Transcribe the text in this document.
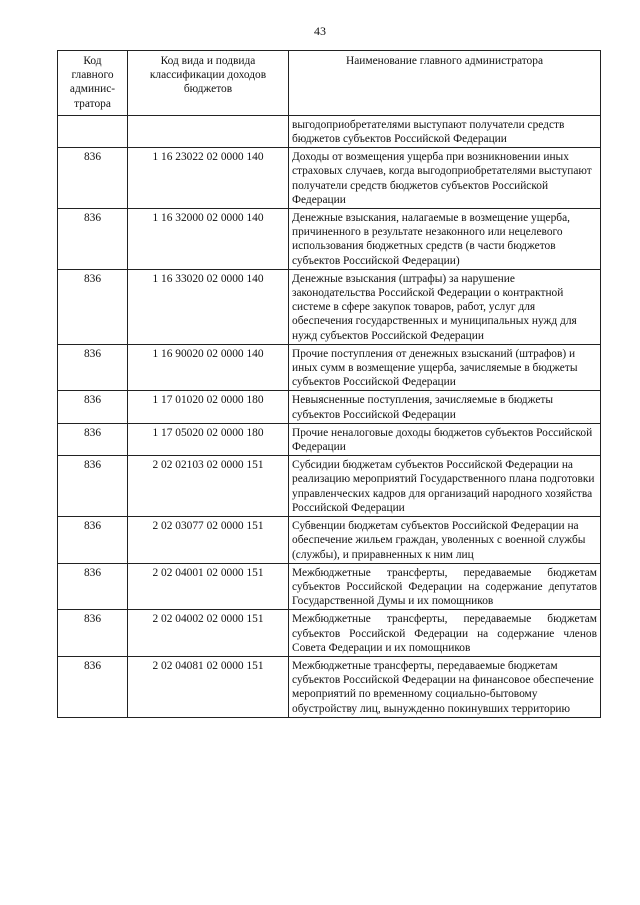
43
Код главного админис-тратора	Код вида и подвида классификации доходов бюджетов	Наименование главного администратора
		выгодоприобретателями выступают получатели средств бюджетов субъектов Российской Федерации
836	1 16 23022 02 0000 140	Доходы от возмещения ущерба при возникновении иных страховых случаев, когда выгодоприобретателями выступают получатели средств бюджетов субъектов Российской Федерации
836	1 16 32000 02 0000 140	Денежные взыскания, налагаемые в возмещение ущерба, причиненного в результате незаконного или нецелевого использования бюджетных средств (в части бюджетов субъектов Российской Федерации)
836	1 16 33020 02 0000 140	Денежные взыскания (штрафы) за нарушение законодательства Российской Федерации о контрактной системе в сфере закупок товаров, работ, услуг для обеспечения государственных и муниципальных нужд для нужд субъектов Российской Федерации
836	1 16 90020 02 0000 140	Прочие поступления от денежных взысканий (штрафов) и иных сумм в возмещение ущерба, зачисляемые в бюджеты субъектов Российской Федерации
836	1 17 01020 02 0000 180	Невыясненные поступления, зачисляемые в бюджеты субъектов Российской Федерации
836	1 17 05020 02 0000 180	Прочие неналоговые доходы бюджетов субъектов Российской Федерации
836	2 02 02103 02 0000 151	Субсидии бюджетам субъектов Российской Федерации на реализацию мероприятий Государственного плана подготовки управленческих кадров для организаций народного хозяйства Российской Федерации
836	2 02 03077 02 0000 151	Субвенции бюджетам субъектов Российской Федерации на обеспечение жильем граждан, уволенных с военной службы (службы), и приравненных к ним лиц
836	2 02 04001 02 0000 151	Межбюджетные трансферты, передаваемые бюджетам субъектов Российской Федерации на содержание депутатов Государственной Думы и их помощников
836	2 02 04002 02 0000 151	Межбюджетные трансферты, передаваемые бюджетам субъектов Российской Федерации на содержание членов Совета Федерации и их помощников
836	2 02 04081 02 0000 151	Межбюджетные трансферты, передаваемые бюджетам субъектов Российской Федерации на финансовое обеспечение мероприятий по временному социально-бытовому обустройству лиц, вынужденно покинувших территорию
